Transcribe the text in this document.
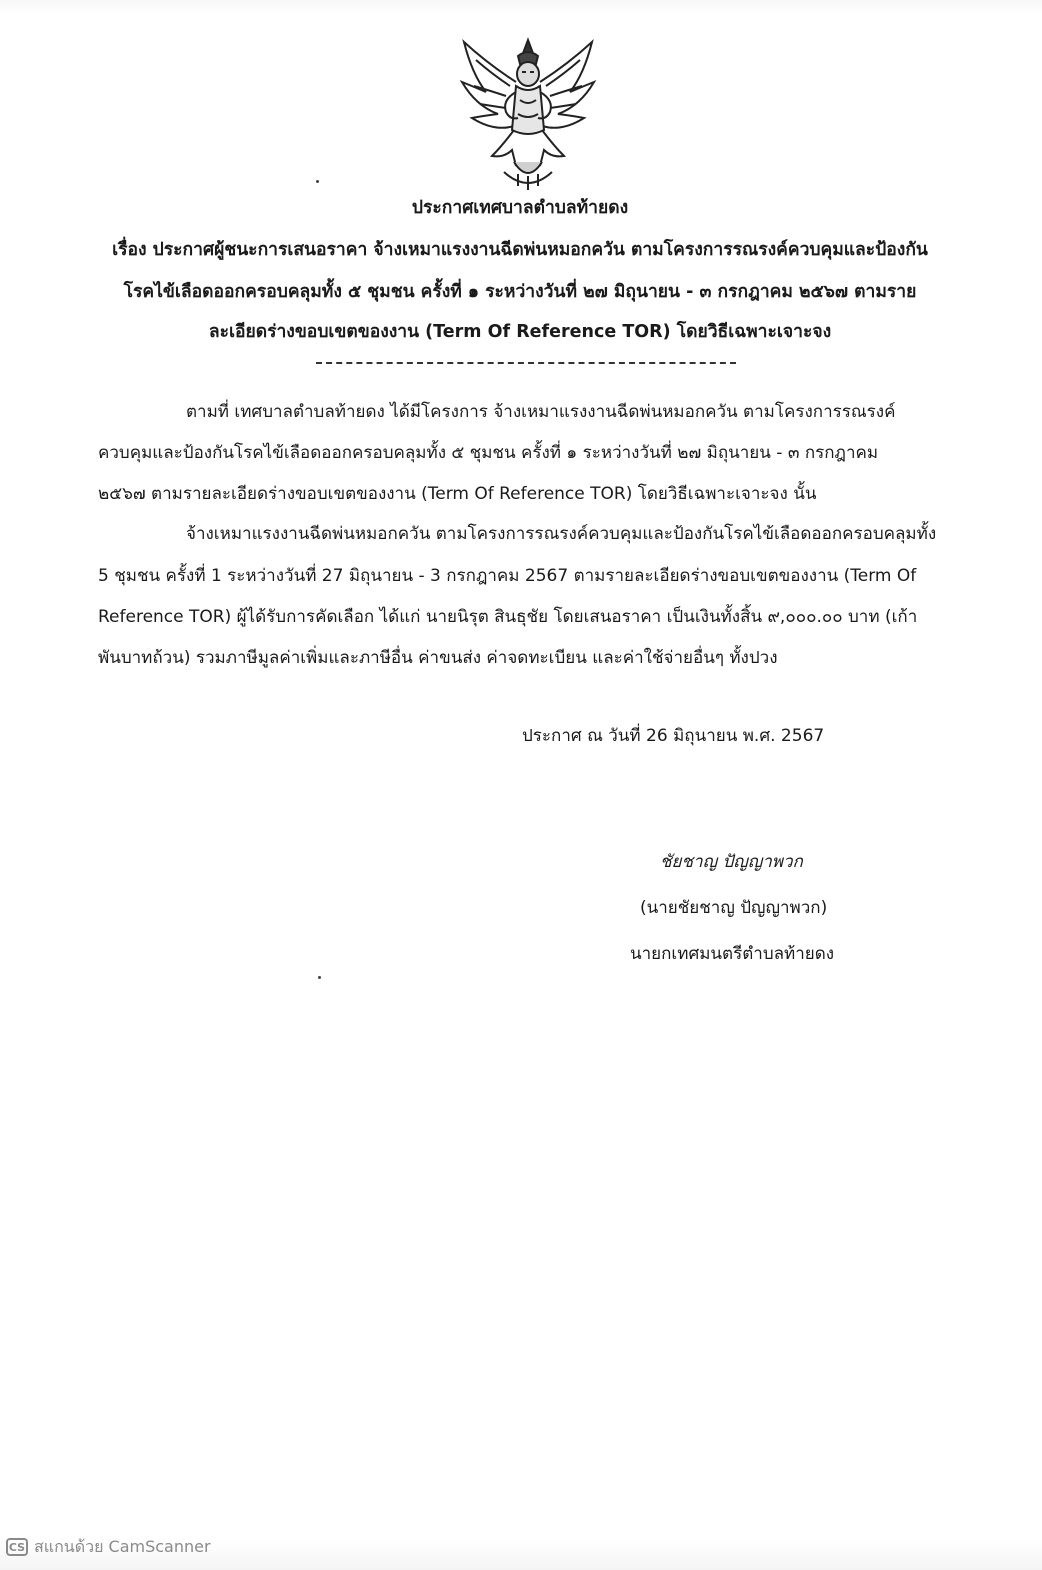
ประกาศเทศบาลตำบลท้ายดง
เรื่อง ประกาศผู้ชนะการเสนอราคา จ้างเหมาแรงงานฉีดพ่นหมอกควัน ตามโครงการรณรงค์ควบคุมและป้องกัน
โรคไข้เลือดออกครอบคลุมทั้ง ๕ ชุมชน ครั้งที่ ๑ ระหว่างวันที่ ๒๗ มิถุนายน - ๓ กรกฎาคม ๒๕๖๗ ตามราย
ละเอียดร่างขอบเขตของงาน (Term Of Reference TOR) โดยวิธีเฉพาะเจาะจง
ตามที่ เทศบาลตำบลท้ายดง ได้มีโครงการ จ้างเหมาแรงงานฉีดพ่นหมอกควัน ตามโครงการรณรงค์
ควบคุมและป้องกันโรคไข้เลือดออกครอบคลุมทั้ง ๕ ชุมชน ครั้งที่ ๑ ระหว่างวันที่ ๒๗ มิถุนายน - ๓ กรกฎาคม
๒๕๖๗ ตามรายละเอียดร่างขอบเขตของงาน (Term Of Reference TOR) โดยวิธีเฉพาะเจาะจง นั้น
จ้างเหมาแรงงานฉีดพ่นหมอกควัน ตามโครงการรณรงค์ควบคุมและป้องกันโรคไข้เลือดออกครอบคลุมทั้ง
5 ชุมชน ครั้งที่ 1 ระหว่างวันที่ 27 มิถุนายน - 3 กรกฎาคม 2567 ตามรายละเอียดร่างขอบเขตของงาน (Term Of
Reference TOR) ผู้ได้รับการคัดเลือก ได้แก่ นายนิรุต สินธุชัย โดยเสนอราคา เป็นเงินทั้งสิ้น ๙,๐๐๐.๐๐ บาท (เก้า
พันบาทถ้วน) รวมภาษีมูลค่าเพิ่มและภาษีอื่น ค่าขนส่ง ค่าจดทะเบียน และค่าใช้จ่ายอื่นๆ ทั้งปวง
ประกาศ ณ วันที่ 26 มิถุนายน พ.ศ. 2567
ชัยชาญ ปัญญาพวก
(นายชัยชาญ ปัญญาพวก)
นายกเทศมนตรีตำบลท้ายดง
CS สแกนด้วย CamScanner
